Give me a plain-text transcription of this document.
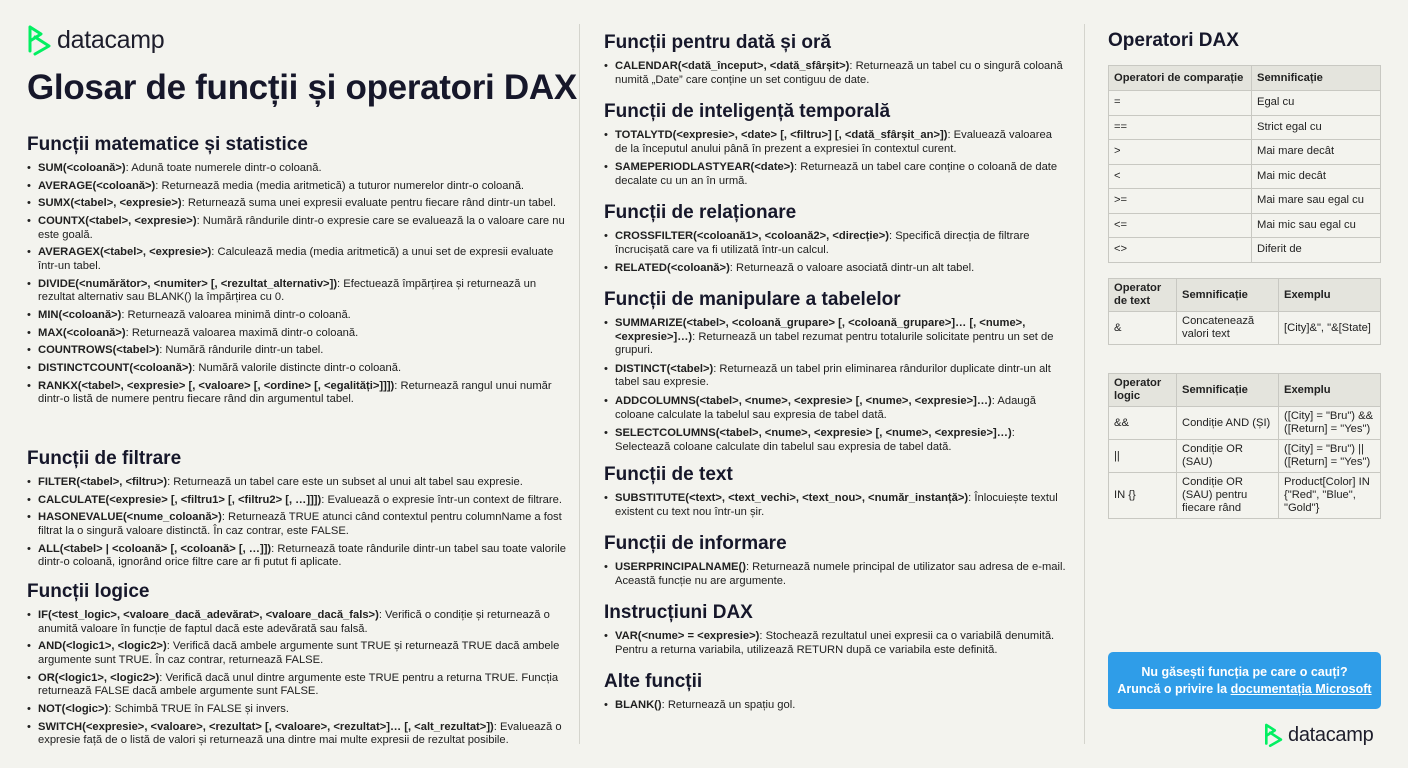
datacamp
Glosar de funcții și operatori DAX
Funcții matematice și statistice
• SUM(<coloană>): Adună toate numerele dintr-o coloană.
• AVERAGE(<coloană>): Returnează media (media aritmetică) a tuturor numerelor dintr-o coloană.
• SUMX(<tabel>, <expresie>): Returnează suma unei expresii evaluate pentru fiecare rând dintr-un tabel.
• COUNTX(<tabel>, <expresie>): Numără rândurile dintr-o expresie care se evaluează la o valoare care nu este goală.
• AVERAGEX(<tabel>, <expresie>): Calculează media (media aritmetică) a unui set de expresii evaluate într-un tabel.
• DIVIDE(<numărător>, <numiter> [, <rezultat_alternativ>]): Efectuează împărțirea și returnează un rezultat alternativ sau BLANK() la împărțirea cu 0.
• MIN(<coloană>): Returnează valoarea minimă dintr-o coloană.
• MAX(<coloană>): Returnează valoarea maximă dintr-o coloană.
• COUNTROWS(<tabel>): Numără rândurile dintr-un tabel.
• DISTINCTCOUNT(<coloană>): Numără valorile distincte dintr-o coloană.
• RANKX(<tabel>, <expresie> [, <valoare> [, <ordine> [, <egalități>]]]): Returnează rangul unui număr dintr-o listă de numere pentru fiecare rând din argumentul tabel.
Funcții de filtrare
• FILTER(<tabel>, <filtru>): Returnează un tabel care este un subset al unui alt tabel sau expresie.
• CALCULATE(<expresie> [, <filtru1> [, <filtru2> [, …]]]): Evaluează o expresie într-un context de filtrare.
• HASONEVALUE(<nume_coloană>): Returnează TRUE atunci când contextul pentru columnName a fost filtrat la o singură valoare distinctă. În caz contrar, este FALSE.
• ALL(<tabel> | <coloană> [, <coloană> [, …]]): Returnează toate rândurile dintr-un tabel sau toate valorile dintr-o coloană, ignorând orice filtre care ar fi putut fi aplicate.
Funcții logice
• IF(<test_logic>, <valoare_dacă_adevărat>, <valoare_dacă_fals>): Verifică o condiție și returnează o anumită valoare în funcție de faptul dacă este adevărată sau falsă.
• AND(<logic1>, <logic2>): Verifică dacă ambele argumente sunt TRUE și returnează TRUE dacă ambele argumente sunt TRUE. În caz contrar, returnează FALSE.
• OR(<logic1>, <logic2>): Verifică dacă unul dintre argumente este TRUE pentru a returna TRUE. Funcția returnează FALSE dacă ambele argumente sunt FALSE.
• NOT(<logic>): Schimbă TRUE în FALSE și invers.
• SWITCH(<expresie>, <valoare>, <rezultat> [, <valoare>, <rezultat>]… [, <alt_rezultat>]): Evaluează o expresie față de o listă de valori și returnează una dintre mai multe expresii de rezultat posibile.
Funcții pentru dată și oră
• CALENDAR(<dată_început>, <dată_sfârșit>): Returnează un tabel cu o singură coloană numită „Date” care conține un set contiguu de date.
Funcții de inteligență temporală
• TOTALYTD(<expresie>, <date> [, <filtru>] [, <dată_sfârșit_an>]): Evaluează valoarea de la începutul anului până în prezent a expresiei în contextul curent.
• SAMEPERIODLASTYEAR(<date>): Returnează un tabel care conține o coloană de date decalate cu un an în urmă.
Funcții de relaționare
• CROSSFILTER(<coloană1>, <coloană2>, <direcție>): Specifică direcția de filtrare încrucișată care va fi utilizată într-un calcul.
• RELATED(<coloană>): Returnează o valoare asociată dintr-un alt tabel.
Funcții de manipulare a tabelelor
• SUMMARIZE(<tabel>, <coloană_grupare> [, <coloană_grupare>]… [, <nume>, <expresie>]…): Returnează un tabel rezumat pentru totalurile solicitate pentru un set de grupuri.
• DISTINCT(<tabel>): Returnează un tabel prin eliminarea rândurilor duplicate dintr-un alt tabel sau expresie.
• ADDCOLUMNS(<tabel>, <nume>, <expresie> [, <nume>, <expresie>]…): Adaugă coloane calculate la tabelul sau expresia de tabel dată.
• SELECTCOLUMNS(<tabel>, <nume>, <expresie> [, <nume>, <expresie>]…): Selectează coloane calculate din tabelul sau expresia de tabel dată.
Funcții de text
• SUBSTITUTE(<text>, <text_vechi>, <text_nou>, <număr_instanță>): Înlocuiește textul existent cu text nou într-un șir.
Funcții de informare
• USERPRINCIPALNAME(): Returnează numele principal de utilizator sau adresa de e-mail. Această funcție nu are argumente.
Instrucțiuni DAX
• VAR(<nume> = <expresie>): Stochează rezultatul unei expresii ca o variabilă denumită. Pentru a returna variabila, utilizează RETURN după ce variabila este definită.
Alte funcții
• BLANK(): Returnează un spațiu gol.
Operatori DAX
Operatori de comparație	Semnificație
=	Egal cu
==	Strict egal cu
>	Mai mare decât
<	Mai mic decât
>=	Mai mare sau egal cu
<=	Mai mic sau egal cu
<>	Diferit de
Operator de text	Semnificație	Exemplu
&	Concatenează valori text	[City]&", "&[State]
Operator logic	Semnificație	Exemplu
&&	Condiție AND (ȘI)	([City] = "Bru") && ([Return] = "Yes")
||	Condiție OR (SAU)	([City] = "Bru") || ([Return] = "Yes")
IN {}	Condiție OR (SAU) pentru fiecare rând	Product[Color] IN {"Red", "Blue", "Gold"}
Nu găsești funcția pe care o cauți?
Aruncă o privire la documentația Microsoft
datacamp
